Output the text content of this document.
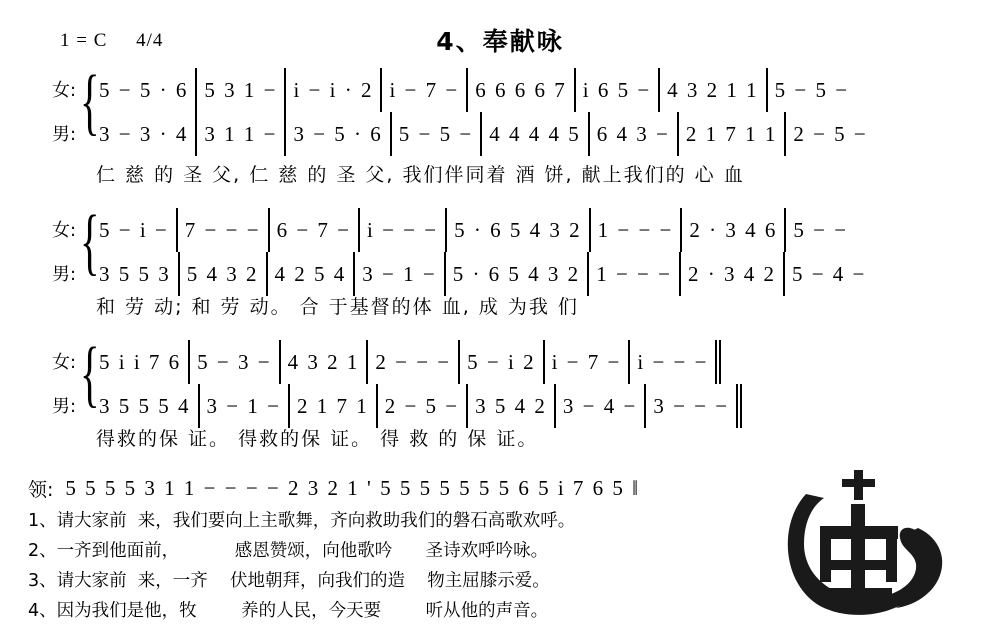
1 = C 4/4	4、奉献咏
女: { 5 − 5 · 6 5 3 1 − i − i · 2 i − 7 − 6 6 6 6 7 i 6 5 − 4 3 2 1 1 5 − 5 −
男: 3 − 3 · 4 3 1 1 − 3 − 5 · 6 5 − 5 − 4 4 4 4 5 6 4 3 − 2 1 7 1 1 2 − 5 −
仁 慈 的 圣 父, 仁 慈 的 圣 父, 我们伴同着 酒 饼, 献上我们的 心 血
女: { 5 − i − 7 − − − 6 − 7 − i − − − 5 · 6 5 4 3 2 1 − − − 2 · 3 4 6 5 − −
男: 3 5 5 3 5 4 3 2 4 2 5 4 3 − 1 − 5 · 6 5 4 3 2 1 − − − 2 · 3 4 2 5 − 4 −
和 劳 动; 和 劳 动。 合 于基督的体 血, 成 为我 们
女: { 5 i i 7 6 5 − 3 − 4 3 2 1 2 − − − 5 − i 2 i − 7 − i − − −
男: 3 5 5 5 4 3 − 1 − 2 1 7 1 2 − 5 − 3 5 4 2 3 − 4 − 3 − − −
得救的保 证。 得救的保 证。 得 救 的 保 证。
领: 5 5 5 5 3 1 1 − − − − 2 3 2 1 ' 5 5 5 5 5 5 5 6 5 i 7 6 5 ‖
1、请大家前  来，我们要向上主歌舞，齐向救助我们的磐石高歌欢呼。
2、一齐到他面前，          感恩赞颂，向他歌吟      圣诗欢呼吟咏。
3、请大家前  来，一齐    伏地朝拜，向我们的造    物主屈膝示爱。
4、因为我们是他，牧        养的人民，今天要        听从他的声音。
